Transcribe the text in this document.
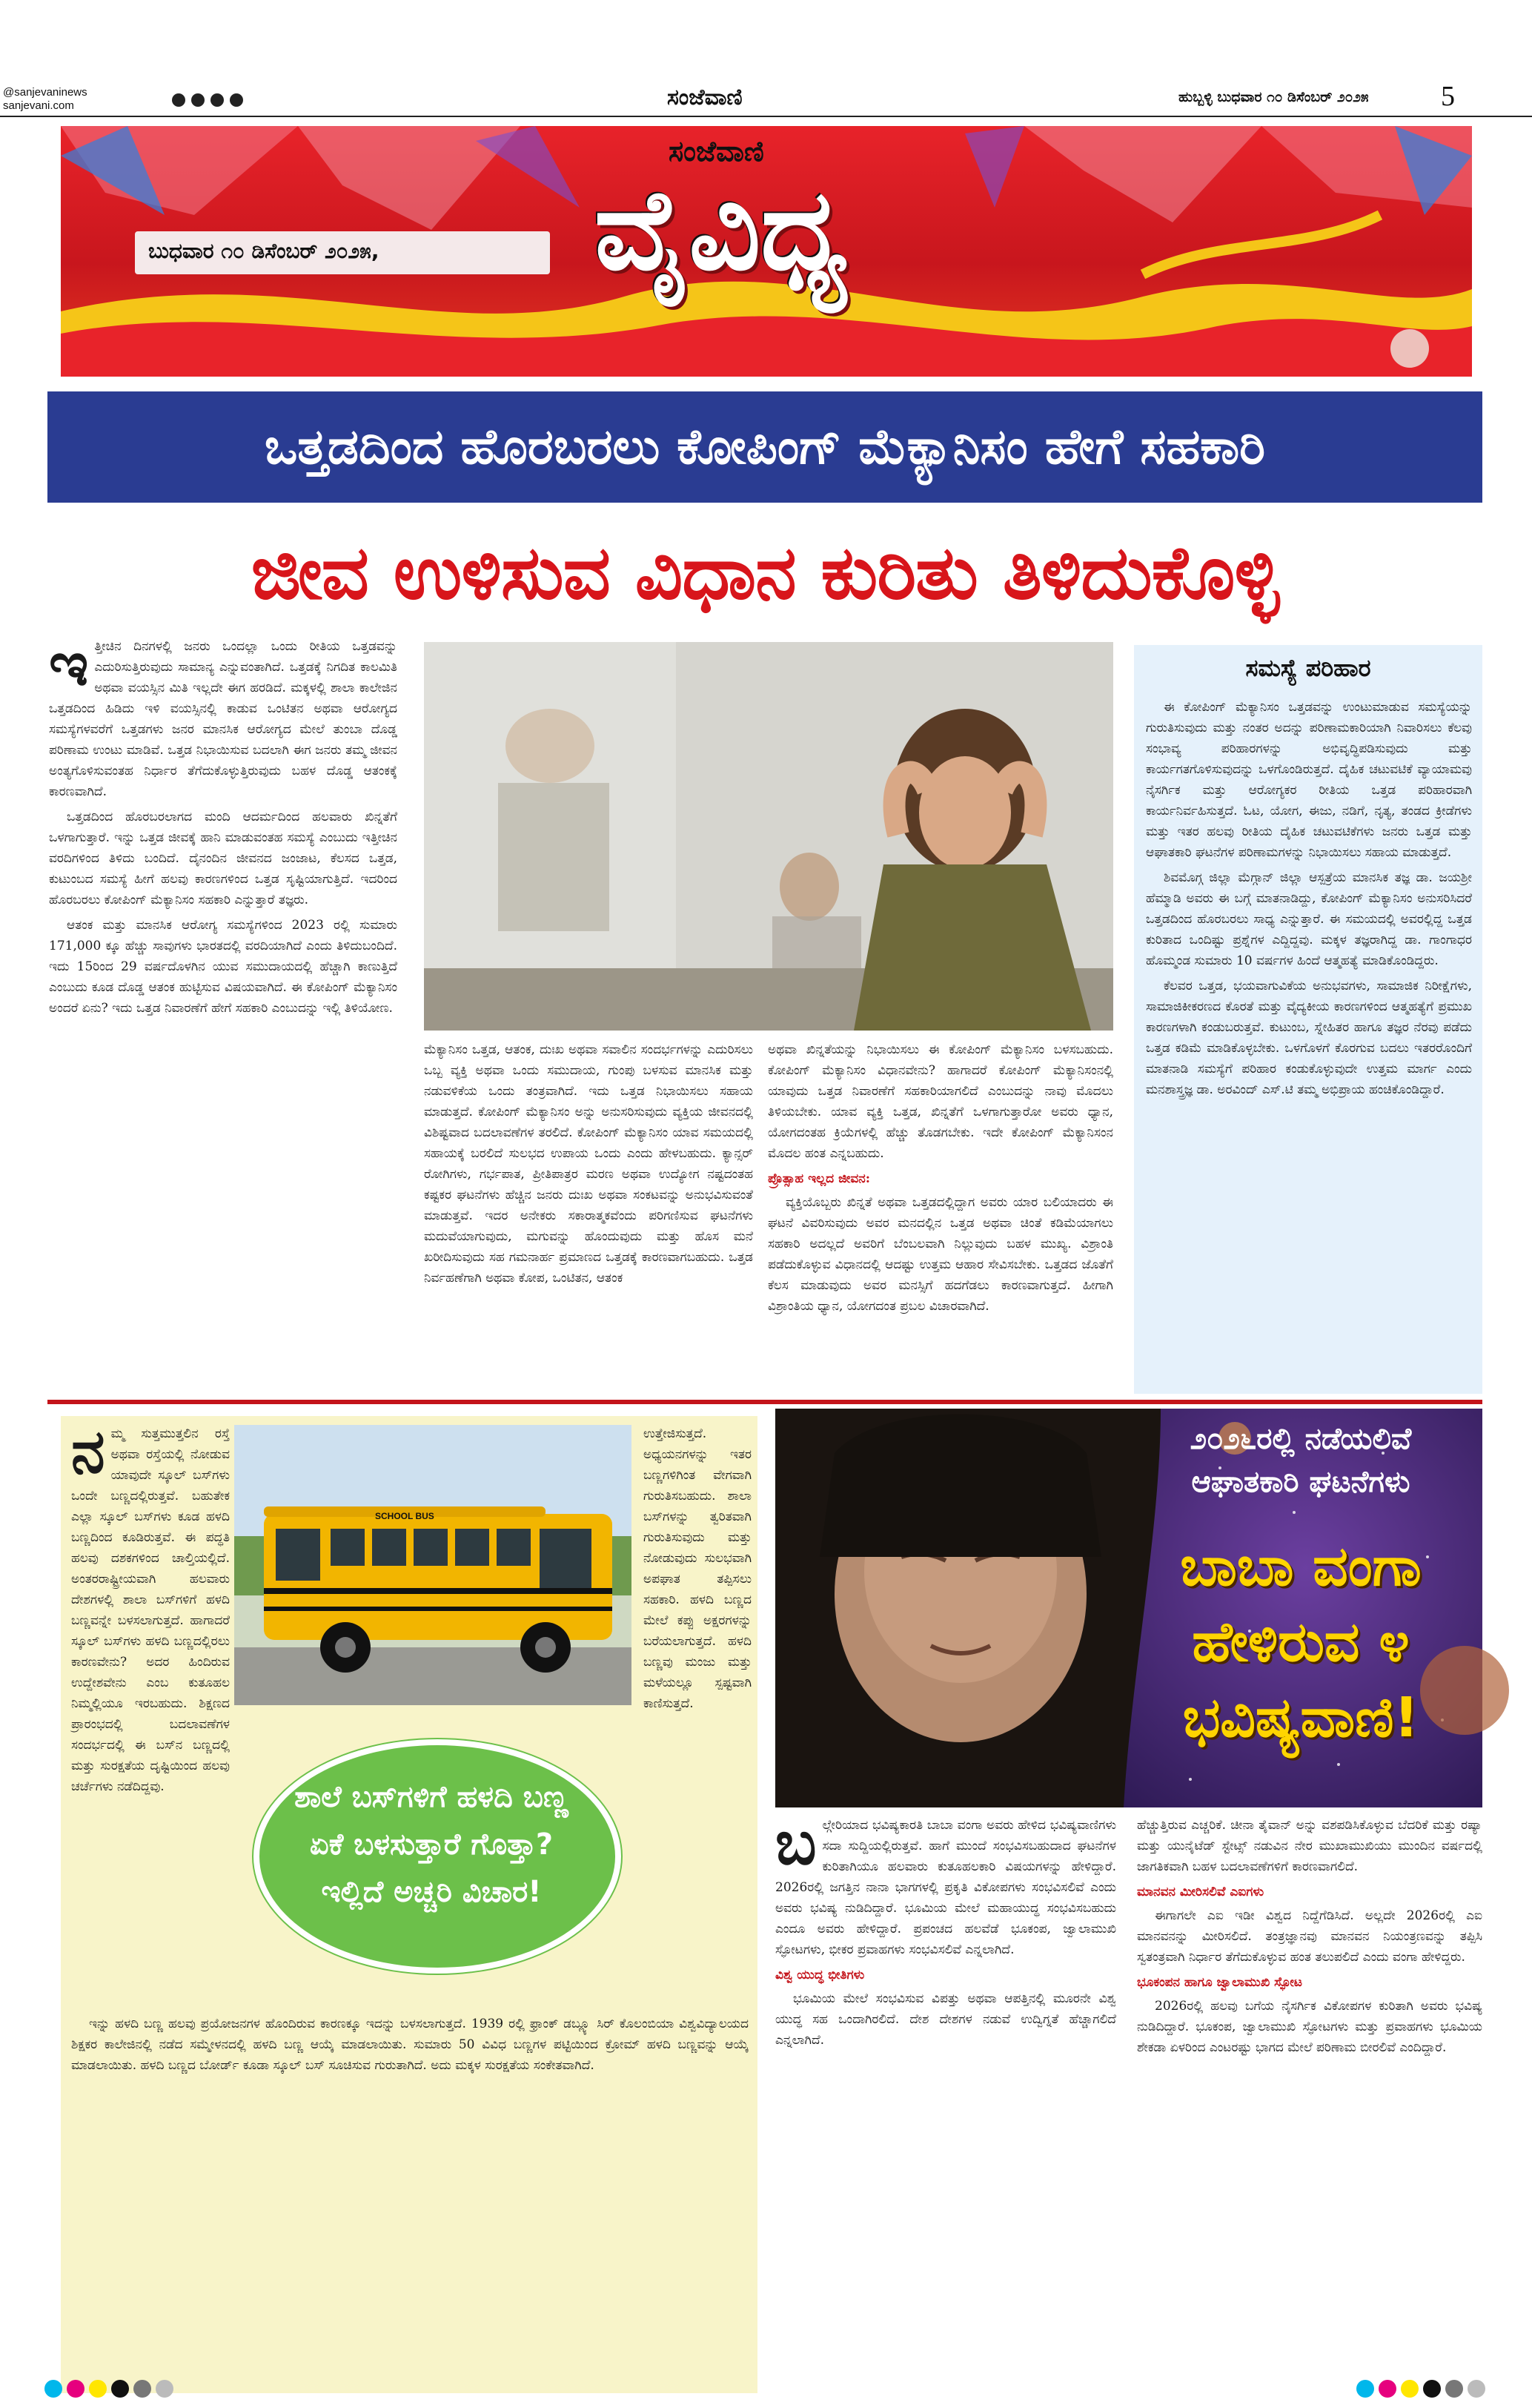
@sanjevaninews
sanjevani.com
	ಸಂಜೆವಾಣಿ	ಹುಬ್ಬಳ್ಳಿ ಬುಧವಾರ ೧೦ ಡಿಸೆಂಬರ್ ೨೦೨೫	5
ಸಂಜೆವಾಣಿ
ಬುಧವಾರ ೧೦ ಡಿಸೆಂಬರ್ ೨೦೨೫, ವೈವಿಧ್ಯ
ಒತ್ತಡದಿಂದ ಹೊರಬರಲು ಕೋಪಿಂಗ್ ಮೆಕ್ಯಾನಿಸಂ ಹೇಗೆ ಸಹಕಾರಿ
ಜೀವ ಉಳಿಸುವ ವಿಧಾನ ಕುರಿತು ತಿಳಿದುಕೊಳ್ಳಿ
ಇ ತ್ತೀಚಿನ ದಿನಗಳಲ್ಲಿ ಜನರು ಒಂದಲ್ಲಾ ಒಂದು ರೀತಿಯ ಒತ್ತಡವನ್ನು ಎದುರಿಸುತ್ತಿರುವುದು ಸಾಮಾನ್ಯ ಎನ್ನುವಂತಾಗಿದೆ. ಒತ್ತಡಕ್ಕೆ ನಿಗದಿತ ಕಾಲಮಿತಿ ಅಥವಾ ವಯಸ್ಸಿನ ಮಿತಿ ಇಲ್ಲದೇ ಈಗ ಹರಡಿದೆ. ಮಕ್ಕಳಲ್ಲಿ ಶಾಲಾ ಕಾಲೇಜಿನ ಒತ್ತಡದಿಂದ ಹಿಡಿದು ಇಳಿ ವಯಸ್ಸಿನಲ್ಲಿ ಕಾಡುವ ಒಂಟಿತನ ಅಥವಾ ಆರೋಗ್ಯದ ಸಮಸ್ಯೆಗಳವರೆಗೆ ಒತ್ತಡಗಳು ಜನರ ಮಾನಸಿಕ ಆರೋಗ್ಯದ ಮೇಲೆ ತುಂಬಾ ದೊಡ್ಡ ಪರಿಣಾಮ ಉಂಟು ಮಾಡಿವೆ. ಒತ್ತಡ ನಿಭಾಯಿಸುವ ಬದಲಾಗಿ ಈಗ ಜನರು ತಮ್ಮ ಜೀವನ ಅಂತ್ಯಗೊಳಿಸುವಂತಹ ನಿರ್ಧಾರ ತೆಗೆದುಕೊಳ್ಳುತ್ತಿರುವುದು ಬಹಳ ದೊಡ್ಡ ಆತಂಕಕ್ಕೆ ಕಾರಣವಾಗಿದೆ.

ಒತ್ತಡದಿಂದ ಹೊರಬರಲಾಗದ ಮಂದಿ ಆದರ್ಮದಿಂದ ಹಲವಾರು ಖಿನ್ನತೆಗೆ ಒಳಗಾಗುತ್ತಾರೆ. ಇನ್ನು ಒತ್ತಡ ಜೀವಕ್ಕೆ ಹಾನಿ ಮಾಡುವಂತಹ ಸಮಸ್ಯೆ ಎಂಬುದು ಇತ್ತೀಚಿನ ವರದಿಗಳಿಂದ ತಿಳಿದು ಬಂದಿದೆ. ದೈನಂದಿನ ಜೀವನದ ಜಂಜಾಟ, ಕೆಲಸದ ಒತ್ತಡ, ಕುಟುಂಬದ ಸಮಸ್ಯೆ ಹೀಗೆ ಹಲವು ಕಾರಣಗಳಿಂದ ಒತ್ತಡ ಸೃಷ್ಟಿಯಾಗುತ್ತಿದೆ. ಇದರಿಂದ ಹೊರಬರಲು ಕೋಪಿಂಗ್ ಮೆಕ್ಯಾನಿಸಂ ಸಹಕಾರಿ ಎನ್ನುತ್ತಾರೆ ತಜ್ಞರು.

ಆತಂಕ ಮತ್ತು ಮಾನಸಿಕ ಆರೋಗ್ಯ ಸಮಸ್ಯೆಗಳಿಂದ 2023 ರಲ್ಲಿ ಸುಮಾರು 171,000 ಕ್ಕೂ ಹೆಚ್ಚು ಸಾವುಗಳು ಭಾರತದಲ್ಲಿ ವರದಿಯಾಗಿದೆ ಎಂದು ತಿಳಿದುಬಂದಿದೆ. ಇದು 15ರಿಂದ 29 ವರ್ಷದೊಳಗಿನ ಯುವ ಸಮುದಾಯದಲ್ಲಿ ಹೆಚ್ಚಾಗಿ ಕಾಣುತ್ತಿದೆ ಎಂಬುದು ಕೂಡ ದೊಡ್ಡ ಆತಂಕ ಹುಟ್ಟಿಸುವ ವಿಷಯವಾಗಿದೆ. ಈ ಕೋಪಿಂಗ್ ಮೆಕ್ಯಾನಿಸಂ ಅಂದರೆ ಏನು? ಇದು ಒತ್ತಡ ನಿವಾರಣೆಗೆ ಹೇಗೆ ಸಹಕಾರಿ ಎಂಬುದನ್ನು ಇಲ್ಲಿ ತಿಳಿಯೋಣ.

ಮೆಕ್ಯಾನಿಸಂ ಒತ್ತಡ, ಆತಂಕ, ದುಃಖ ಅಥವಾ ಸವಾಲಿನ ಸಂದರ್ಭಗಳನ್ನು ಎದುರಿಸಲು ಒಬ್ಬ ವ್ಯಕ್ತಿ ಅಥವಾ ಒಂದು ಸಮುದಾಯ, ಗುಂಪು ಬಳಸುವ ಮಾನಸಿಕ ಮತ್ತು ನಡುವಳಿಕೆಯ ಒಂದು ತಂತ್ರವಾಗಿದೆ. ಇದು ಒತ್ತಡ ನಿಭಾಯಿಸಲು ಸಹಾಯ ಮಾಡುತ್ತದೆ. ಕೋಪಿಂಗ್ ಮೆಕ್ಯಾನಿಸಂ ಅನ್ನು ಅನುಸರಿಸುವುದು ವ್ಯಕ್ತಿಯ ಜೀವನದಲ್ಲಿ ವಿಶಿಷ್ಟವಾದ ಬದಲಾವಣೆಗಳ ತರಲಿದೆ. ಕೋಪಿಂಗ್ ಮೆಕ್ಯಾನಿಸಂ ಯಾವ ಸಮಯದಲ್ಲಿ ಸಹಾಯಕ್ಕೆ ಬರಲಿದೆ ಸುಲಭದ ಉಪಾಯ ಒಂದು ಎಂದು ಹೇಳಬಹುದು. ಕ್ಯಾನ್ಸರ್ ರೋಗಿಗಳು, ಗರ್ಭಪಾತ, ಪ್ರೀತಿಪಾತ್ರರ ಮರಣ ಅಥವಾ ಉದ್ಯೋಗ ನಷ್ಟದಂತಹ ಕಷ್ಟಕರ ಘಟನೆಗಳು ಹೆಚ್ಚಿನ ಜನರು ದುಃಖ ಅಥವಾ ಸಂಕಟವನ್ನು ಅನುಭವಿಸುವಂತೆ ಮಾಡುತ್ತವೆ. ಇದರ ಅನೇಕರು ಸಕಾರಾತ್ಮಕವೆಂದು ಪರಿಗಣಿಸುವ ಘಟನೆಗಳು ಮದುವೆಯಾಗುವುದು, ಮಗುವನ್ನು ಹೊಂದುವುದು ಮತ್ತು ಹೊಸ ಮನೆ ಖರೀದಿಸುವುದು ಸಹ ಗಮನಾರ್ಹ ಪ್ರಮಾಣದ ಒತ್ತಡಕ್ಕೆ ಕಾರಣವಾಗಬಹುದು. ಒತ್ತಡ ನಿರ್ವಹಣೆಗಾಗಿ ಅಥವಾ ಕೋಪ, ಒಂಟಿತನ, ಆತಂಕ

ಅಥವಾ ಖಿನ್ನತೆಯನ್ನು ನಿಭಾಯಿಸಲು ಈ ಕೋಪಿಂಗ್ ಮೆಕ್ಯಾನಿಸಂ ಬಳಸಬಹುದು. ಕೋಪಿಂಗ್ ಮೆಕ್ಯಾನಿಸಂ ವಿಧಾನವೇನು? ಹಾಗಾದರೆ ಕೋಪಿಂಗ್ ಮೆಕ್ಯಾನಿಸಂನಲ್ಲಿ ಯಾವುದು ಒತ್ತಡ ನಿವಾರಣೆಗೆ ಸಹಕಾರಿಯಾಗಲಿದೆ ಎಂಬುದನ್ನು ನಾವು ಮೊದಲು ತಿಳಿಯಬೇಕು. ಯಾವ ವ್ಯಕ್ತಿ ಒತ್ತಡ, ಖಿನ್ನತೆಗೆ ಒಳಗಾಗುತ್ತಾರೋ ಅವರು ಧ್ಯಾನ, ಯೋಗದಂತಹ ಕ್ರಿಯೆಗಳಲ್ಲಿ ಹೆಚ್ಚು ತೊಡಗಬೇಕು. ಇದೇ ಕೋಪಿಂಗ್ ಮೆಕ್ಯಾನಿಸಂನ ಮೊದಲ ಹಂತ ಎನ್ನಬಹುದು.

ಪ್ರೊತ್ಸಾಹ ಇಲ್ಲದ ಜೀವನ:

ವ್ಯಕ್ತಿಯೊಬ್ಬರು ಖಿನ್ನತೆ ಅಥವಾ ಒತ್ತಡದಲ್ಲಿದ್ದಾಗ ಅವರು ಯಾರ ಬಲಿಯಾದರು ಈ ಘಟನೆ ವಿವರಿಸುವುದು ಅವರ ಮನದಲ್ಲಿನ ಒತ್ತಡ ಅಥವಾ ಚಿಂತೆ ಕಡಿಮೆಯಾಗಲು ಸಹಕಾರಿ ಅದಲ್ಲದೆ ಅವರಿಗೆ ಬೆಂಬಲವಾಗಿ ನಿಲ್ಲುವುದು ಬಹಳ ಮುಖ್ಯ. ವಿಶ್ರಾಂತಿ ಪಡೆದುಕೊಳ್ಳುವ ವಿಧಾನದಲ್ಲಿ ಆದಷ್ಟು ಉತ್ತಮ ಆಹಾರ ಸೇವಿಸಬೇಕು. ಒತ್ತಡದ ಜೊತೆಗೆ ಕೆಲಸ ಮಾಡುವುದು ಅವರ ಮನಸ್ಸಿಗೆ ಹದಗೆಡಲು ಕಾರಣವಾಗುತ್ತದೆ. ಹೀಗಾಗಿ ವಿಶ್ರಾಂತಿಯ ಧ್ಯಾನ, ಯೋಗದಂತ ಪ್ರಬಲ ವಿಚಾರವಾಗಿದೆ.

ಸಮಸ್ಯೆ ಪರಿಹಾರ

ಈ ಕೋಪಿಂಗ್ ಮೆಕ್ಯಾನಿಸಂ ಒತ್ತಡವನ್ನು ಉಂಟುಮಾಡುವ ಸಮಸ್ಯೆಯನ್ನು ಗುರುತಿಸುವುದು ಮತ್ತು ನಂತರ ಅದನ್ನು ಪರಿಣಾಮಕಾರಿಯಾಗಿ ನಿವಾರಿಸಲು ಕೆಲವು ಸಂಭಾವ್ಯ ಪರಿಹಾರಗಳನ್ನು ಅಭಿವೃದ್ಧಿಪಡಿಸುವುದು ಮತ್ತು ಕಾರ್ಯಗತಗೊಳಿಸುವುದನ್ನು ಒಳಗೊಂಡಿರುತ್ತದೆ. ದೈಹಿಕ ಚಟುವಟಿಕೆ ವ್ಯಾಯಾಮವು ನೈಸರ್ಗಿಕ ಮತ್ತು ಆರೋಗ್ಯಕರ ರೀತಿಯ ಒತ್ತಡ ಪರಿಹಾರವಾಗಿ ಕಾರ್ಯನಿರ್ವಹಿಸುತ್ತದೆ. ಓಟ, ಯೋಗ, ಈಜು, ನಡಿಗೆ, ನೃತ್ಯ, ತಂಡದ ಕ್ರೀಡೆಗಳು ಮತ್ತು ಇತರ ಹಲವು ರೀತಿಯ ದೈಹಿಕ ಚಟುವಟಿಕೆಗಳು ಜನರು ಒತ್ತಡ ಮತ್ತು ಆಘಾತಕಾರಿ ಘಟನೆಗಳ ಪರಿಣಾಮಗಳನ್ನು ನಿಭಾಯಿಸಲು ಸಹಾಯ ಮಾಡುತ್ತದೆ.

ಶಿವಮೊಗ್ಗ ಜಿಲ್ಲಾ ಮೆಗ್ಗಾನ್ ಜಿಲ್ಲಾ ಆಸ್ಪತ್ರೆಯ ಮಾನಸಿಕ ತಜ್ಞ ಡಾ. ಜಯಶ್ರೀ ಹೆಮ್ಮಾಡಿ ಅವರು ಈ ಬಗ್ಗೆ ಮಾತನಾಡಿದ್ದು, ಕೋಪಿಂಗ್ ಮೆಕ್ಯಾನಿಸಂ ಅನುಸರಿಸಿದರೆ ಒತ್ತಡದಿಂದ ಹೊರಬರಲು ಸಾಧ್ಯ ಎನ್ನುತ್ತಾರೆ. ಈ ಸಮಯದಲ್ಲಿ ಅವರಲ್ಲಿದ್ದ ಒತ್ತಡ ಕುರಿತಾದ ಒಂದಿಷ್ಟು ಪ್ರಶ್ನೆಗಳ ಎದ್ದಿದ್ದವು. ಮಕ್ಕಳ ತಜ್ಞರಾಗಿದ್ದ ಡಾ. ಗಾಂಗಾಧರ ಹೊಮ್ಮಂಡ ಸುಮಾರು 10 ವರ್ಷಗಳ ಹಿಂದೆ ಆತ್ಮಹತ್ಯೆ ಮಾಡಿಕೊಂಡಿದ್ದರು.

ಕೆಲವರ ಒತ್ತಡ, ಭಯವಾಗುವಿಕೆಯ ಅನುಭವಗಳು, ಸಾಮಾಜಿಕ ನಿರೀಕ್ಷೆಗಳು, ಸಾಮಾಜಿಕೀಕರಣದ ಕೊರತೆ ಮತ್ತು ವೈದ್ಯಕೀಯ ಕಾರಣಗಳಿಂದ ಆತ್ಮಹತ್ಯೆಗೆ ಪ್ರಮುಖ ಕಾರಣಗಳಾಗಿ ಕಂಡುಬರುತ್ತವೆ. ಕುಟುಂಬ, ಸ್ನೇಹಿತರ ಹಾಗೂ ತಜ್ಞರ ನೆರವು ಪಡೆದು ಒತ್ತಡ ಕಡಿಮೆ ಮಾಡಿಕೊಳ್ಳಬೇಕು. ಒಳಗೊಳಗೆ ಕೊರಗುವ ಬದಲು ಇತರರೊಂದಿಗೆ ಮಾತನಾಡಿ ಸಮಸ್ಯೆಗೆ ಪರಿಹಾರ ಕಂಡುಕೊಳ್ಳುವುದೇ ಉತ್ತಮ ಮಾರ್ಗ ಎಂದು ಮನಶಾಸ್ತ್ರಜ್ಞ ಡಾ. ಅರವಿಂದ್ ಎಸ್.ಟಿ ತಮ್ಮ ಅಭಿಪ್ರಾಯ ಹಂಚಿಕೊಂಡಿದ್ದಾರೆ.

ನ ಮ್ಮ ಸುತ್ತಮುತ್ತಲಿನ ರಸ್ತೆ ಅಥವಾ ರಸ್ತೆಯಲ್ಲಿ ನೋಡುವ ಯಾವುದೇ ಸ್ಕೂಲ್ ಬಸ್‌ಗಳು ಒಂದೇ ಬಣ್ಣದಲ್ಲಿರುತ್ತವೆ. ಬಹುತೇಕ ಎಲ್ಲಾ ಸ್ಕೂಲ್ ಬಸ್‌ಗಳು ಕೂಡ ಹಳದಿ ಬಣ್ಣದಿಂದ ಕೂಡಿರುತ್ತವೆ. ಈ ಪದ್ಧತಿ ಹಲವು ದಶಕಗಳಿಂದ ಚಾಲ್ತಿಯಲ್ಲಿದೆ. ಅಂತರರಾಷ್ಟ್ರೀಯವಾಗಿ ಹಲವಾರು ದೇಶಗಳಲ್ಲಿ ಶಾಲಾ ಬಸ್‌ಗಳಿಗೆ ಹಳದಿ ಬಣ್ಣವನ್ನೇ ಬಳಸಲಾಗುತ್ತದೆ. ಹಾಗಾದರೆ ಸ್ಕೂಲ್ ಬಸ್‌ಗಳು ಹಳದಿ ಬಣ್ಣದಲ್ಲಿರಲು ಕಾರಣವೇನು? ಅದರ ಹಿಂದಿರುವ ಉದ್ದೇಶವೇನು ಎಂಬ ಕುತೂಹಲ ನಿಮ್ಮಲ್ಲಿಯೂ ಇರಬಹುದು. ಶಿಕ್ಷಣದ ಪ್ರಾರಂಭದಲ್ಲಿ ಬದಲಾವಣೆಗಳ ಸಂದರ್ಭದಲ್ಲಿ ಈ ಬಸ್‌ನ ಬಣ್ಣದಲ್ಲಿ ಮತ್ತು ಸುರಕ್ಷತೆಯ ದೃಷ್ಟಿಯಿಂದ ಹಲವು ಚರ್ಚೆಗಳು ನಡೆದಿದ್ದವು.

SCHOOL BUS

ಉತ್ತೇಜಿಸುತ್ತದೆ. ಅಧ್ಯಯನಗಳನ್ನು ಇತರ ಬಣ್ಣಗಳಿಗಿಂತ ವೇಗವಾಗಿ ಗುರುತಿಸಬಹುದು. ಶಾಲಾ ಬಸ್‌ಗಳನ್ನು ತ್ವರಿತವಾಗಿ ಗುರುತಿಸುವುದು ಮತ್ತು ನೋಡುವುದು ಸುಲಭವಾಗಿ ಅಪಘಾತ ತಪ್ಪಿಸಲು ಸಹಕಾರಿ. ಹಳದಿ ಬಣ್ಣದ ಮೇಲೆ ಕಪ್ಪು ಅಕ್ಷರಗಳನ್ನು ಬರೆಯಲಾಗುತ್ತದೆ. ಹಳದಿ ಬಣ್ಣವು ಮಂಜು ಮತ್ತು ಮಳೆಯಲ್ಲೂ ಸ್ಪಷ್ಟವಾಗಿ ಕಾಣಿಸುತ್ತದೆ.

ಶಾಲೆ ಬಸ್‌ಗಳಿಗೆ ಹಳದಿ ಬಣ್ಣ ಏಕೆ ಬಳಸುತ್ತಾರೆ ಗೊತ್ತಾ? ಇಲ್ಲಿದೆ ಅಚ್ಚರಿ ವಿಚಾರ!

ಇನ್ನು ಹಳದಿ ಬಣ್ಣ ಹಲವು ಪ್ರಯೋಜನಗಳ ಹೊಂದಿರುವ ಕಾರಣಕ್ಕೂ ಇದನ್ನು ಬಳಸಲಾಗುತ್ತದೆ. 1939 ರಲ್ಲಿ ಫ್ರಾಂಕ್ ಡಬ್ಲ್ಯೂ ಸಿರ್ ಕೊಲಂಬಿಯಾ ವಿಶ್ವವಿದ್ಯಾಲಯದ ಶಿಕ್ಷಕರ ಕಾಲೇಜಿನಲ್ಲಿ ನಡೆದ ಸಮ್ಮೇಳನದಲ್ಲಿ ಹಳದಿ ಬಣ್ಣ ಆಯ್ಕೆ ಮಾಡಲಾಯಿತು. ಸುಮಾರು 50 ವಿವಿಧ ಬಣ್ಣಗಳ ಪಟ್ಟಿಯಿಂದ ಕ್ರೋಮ್ ಹಳದಿ ಬಣ್ಣವನ್ನು ಆಯ್ಕೆ ಮಾಡಲಾಯಿತು. ಹಳದಿ ಬಣ್ಣದ ಬೋರ್ಡ್ ಕೂಡಾ ಸ್ಕೂಲ್ ಬಸ್ ಸೂಚಿಸುವ ಗುರುತಾಗಿದೆ. ಅದು ಮಕ್ಕಳ ಸುರಕ್ಷತೆಯ ಸಂಕೇತವಾಗಿದೆ.

೨೦೨೬ರಲ್ಲಿ ನಡೆಯಲಿವೆ
ಆಘಾತಕಾರಿ ಘಟನೆಗಳು
ಬಾಬಾ ವಂಗಾ
ಹೇಳಿರುವ ೪
ಭವಿಷ್ಯವಾಣಿ!
ಬ ಲ್ಗೇರಿಯಾದ ಭವಿಷ್ಯಕಾರತಿ ಬಾಬಾ ವಂಗಾ ಅವರು ಹೇಳಿದ ಭವಿಷ್ಯವಾಣಿಗಳು ಸದಾ ಸುದ್ದಿಯಲ್ಲಿರುತ್ತವೆ. ಹಾಗೆ ಮುಂದೆ ಸಂಭವಿಸಬಹುದಾದ ಘಟನೆಗಳ ಕುರಿತಾಗಿಯೂ ಹಲವಾರು ಕುತೂಹಲಕಾರಿ ವಿಷಯಗಳನ್ನು ಹೇಳಿದ್ದಾರೆ. 2026ರಲ್ಲಿ ಜಗತ್ತಿನ ನಾನಾ ಭಾಗಗಳಲ್ಲಿ ಪ್ರಕೃತಿ ವಿಕೋಪಗಳು ಸಂಭವಿಸಲಿವೆ ಎಂದು ಅವರು ಭವಿಷ್ಯ ನುಡಿದಿದ್ದಾರೆ. ಭೂಮಿಯ ಮೇಲೆ ಮಹಾಯುದ್ಧ ಸಂಭವಿಸಬಹುದು ಎಂದೂ ಅವರು ಹೇಳಿದ್ದಾರೆ. ಪ್ರಪಂಚದ ಹಲವೆಡೆ ಭೂಕಂಪ, ಜ್ವಾಲಾಮುಖಿ ಸ್ಫೋಟಗಳು, ಭೀಕರ ಪ್ರವಾಹಗಳು ಸಂಭವಿಸಲಿವೆ ಎನ್ನಲಾಗಿದೆ.

ವಿಶ್ವ ಯುದ್ಧ ಭೀತಿಗಳು

ಭೂಮಿಯ ಮೇಲೆ ಸಂಭವಿಸುವ ವಿಪತ್ತು ಅಥವಾ ಆಪತ್ತಿನಲ್ಲಿ ಮೂರನೇ ವಿಶ್ವ ಯುದ್ಧ ಸಹ ಒಂದಾಗಿರಲಿದೆ. ದೇಶ ದೇಶಗಳ ನಡುವೆ ಉದ್ವಿಗ್ನತೆ ಹೆಚ್ಚಾಗಲಿದೆ ಎನ್ನಲಾಗಿದೆ.

ಹೆಚ್ಚುತ್ತಿರುವ ಎಚ್ಚರಿಕೆ. ಚೀನಾ ತೈವಾನ್ ಅನ್ನು ವಶಪಡಿಸಿಕೊಳ್ಳುವ ಬೆದರಿಕೆ ಮತ್ತು ರಷ್ಯಾ ಮತ್ತು ಯುನೈಟೆಡ್ ಸ್ಟೇಟ್ಸ್ ನಡುವಿನ ನೇರ ಮುಖಾಮುಖಿಯು ಮುಂದಿನ ವರ್ಷದಲ್ಲಿ ಜಾಗತಿಕವಾಗಿ ಬಹಳ ಬದಲಾವಣೆಗಳಿಗೆ ಕಾರಣವಾಗಲಿದೆ.

ಮಾನವನ ಮೀರಿಸಲಿವೆ ಎಐಗಳು

ಈಗಾಗಲೇ ಎಐ ಇಡೀ ವಿಶ್ವದ ನಿದ್ದೆಗೆಡಿಸಿದೆ. ಅಲ್ಲದೇ 2026ರಲ್ಲಿ ಎಐ ಮಾನವನನ್ನು ಮೀರಿಸಲಿದೆ. ತಂತ್ರಜ್ಞಾನವು ಮಾನವನ ನಿಯಂತ್ರಣವನ್ನು ತಪ್ಪಿಸಿ ಸ್ವತಂತ್ರವಾಗಿ ನಿರ್ಧಾರ ತೆಗೆದುಕೊಳ್ಳುವ ಹಂತ ತಲುಪಲಿದೆ ಎಂದು ವಂಗಾ ಹೇಳಿದ್ದರು.

ಭೂಕಂಪನ ಹಾಗೂ ಜ್ವಾಲಾಮುಖಿ ಸ್ಫೋಟ

2026ರಲ್ಲಿ ಹಲವು ಬಗೆಯ ನೈಸರ್ಗಿಕ ವಿಕೋಪಗಳ ಕುರಿತಾಗಿ ಅವರು ಭವಿಷ್ಯ ನುಡಿದಿದ್ದಾರೆ. ಭೂಕಂಪ, ಜ್ವಾಲಾಮುಖಿ ಸ್ಫೋಟಗಳು ಮತ್ತು ಪ್ರವಾಹಗಳು ಭೂಮಿಯ ಶೇಕಡಾ ಏಳರಿಂದ ಎಂಟರಷ್ಟು ಭಾಗದ ಮೇಲೆ ಪರಿಣಾಮ ಬೀರಲಿವೆ ಎಂದಿದ್ದಾರೆ.
